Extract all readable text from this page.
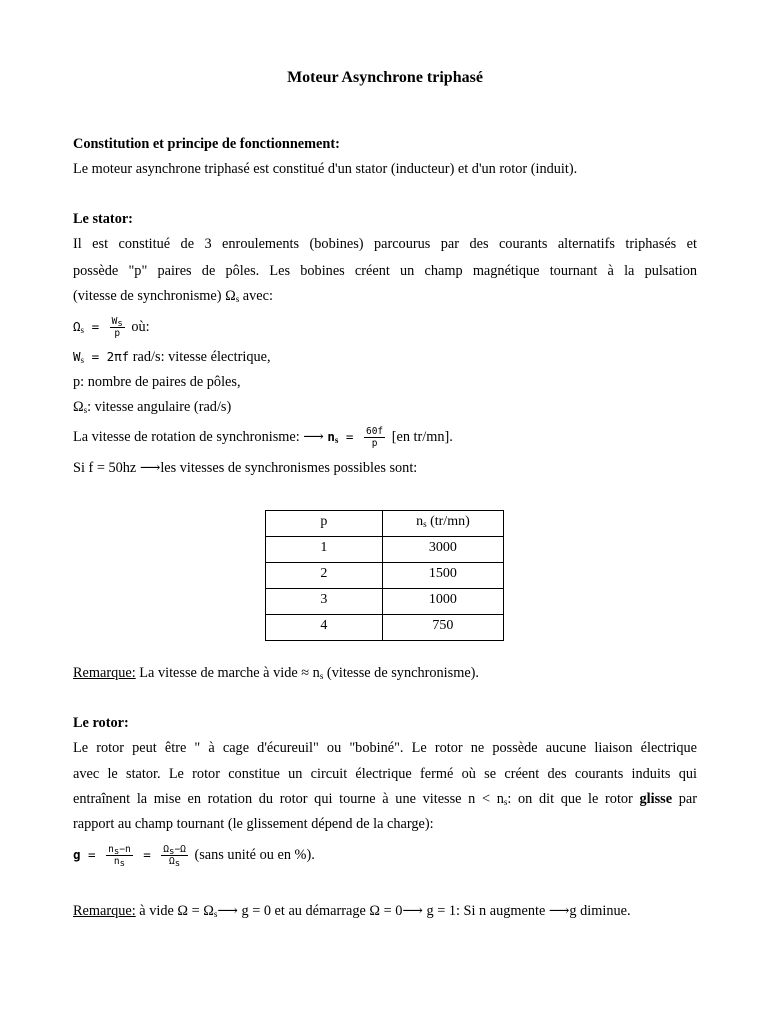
Moteur Asynchrone triphasé
Constitution et principe de fonctionnement:
Le moteur asynchrone triphasé est constitué d'un stator (inducteur) et d'un rotor (induit).
Le stator:
Il est constitué de 3 enroulements (bobines) parcourus par des courants alternatifs triphasés et
possède "p" paires de pôles. Les bobines créent un champ magnétique tournant à la pulsation
(vitesse de synchronisme) $\Omega_s$ avec:
$\Omega_s = \frac{W_s}{p}$ où:
$W_s = 2\pi f$ rad/s: vitesse électrique,
p: nombre de paires de pôles,
$\Omega_s$: vitesse angulaire (rad/s)
La vitesse de rotation de synchronisme: ⟶ $n_s = \frac{60f}{p} [en$ tr/mn].
Si f = 50hz ⟶les vitesses de synchronismes possibles sont:
p	$n_s$ (tr/mn)
1	3000
2	1500
3	1000
4	750
Remarque: La vitesse de marche à vide ≈ $n_s$ (vitesse de synchronisme).
Le rotor:
Le rotor peut être " à cage d'écureuil" ou "bobiné". Le rotor ne possède aucune liaison électrique
avec le stator. Le rotor constitue un circuit électrique fermé où se créent des courants induits qui
entraînent la mise en rotation du rotor qui tourne à une vitesse $n < n_s$: on dit que le rotor glisse par
rapport au champ tournant (le glissement dépend de la charge):
$g = \frac{n_s-n}{n_s} = \frac{\Omega_s-\Omega}{\Omega_s}$ (sans unité ou en %).
Remarque: à vide $\Omega = \Omega_s⟶$ g = 0 et au démarrage Ω = 0⟶ g = 1: Si n augmente ⟶g diminue.
